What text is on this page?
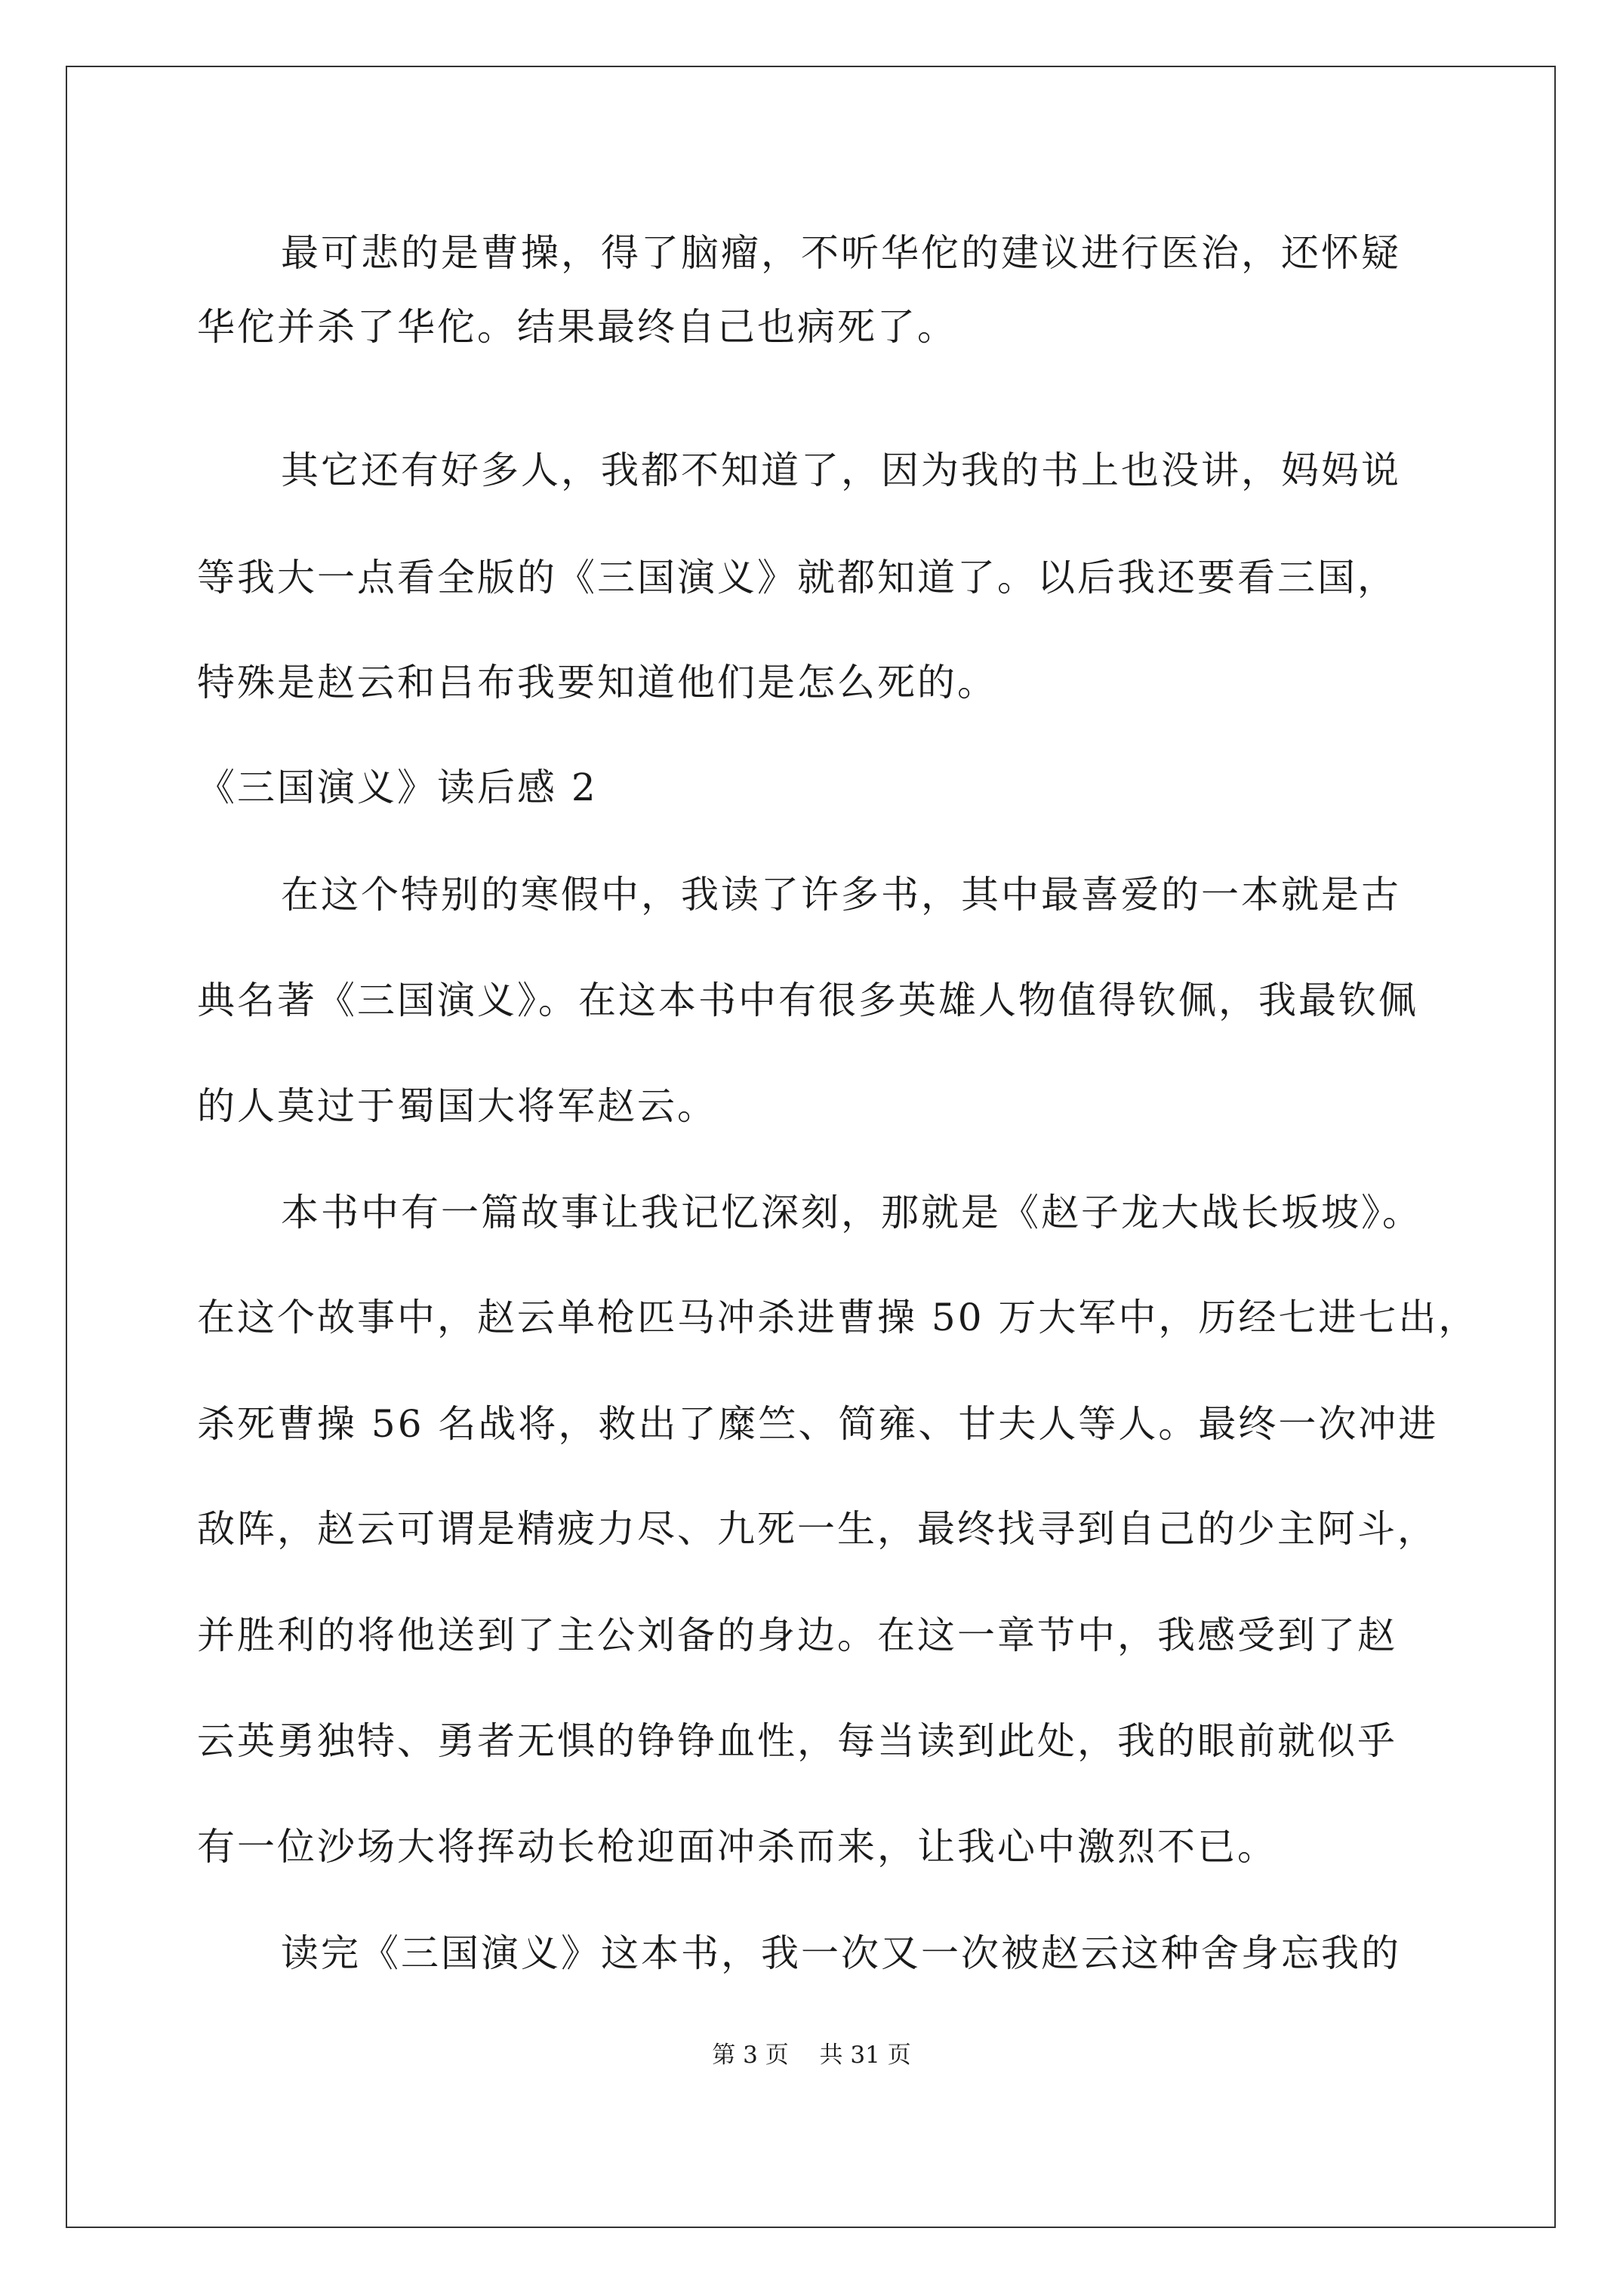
最可悲的是曹操，得了脑瘤，不听华佗的建议进行医治，还怀疑
华佗并杀了华佗。结果最终自己也病死了。
其它还有好多人，我都不知道了，因为我的书上也没讲，妈妈说
等我大一点看全版的《三国演义》就都知道了。以后我还要看三国，
特殊是赵云和吕布我要知道他们是怎么死的。
《三国演义》读后感 2
在这个特别的寒假中，我读了许多书，其中最喜爱的一本就是古
典名著《三国演义》。在这本书中有很多英雄人物值得钦佩，我最钦佩
的人莫过于蜀国大将军赵云。
本书中有一篇故事让我记忆深刻，那就是《赵子龙大战长坂坡》。
在这个故事中，赵云单枪匹马冲杀进曹操 50 万大军中，历经七进七出，
杀死曹操 56 名战将，救出了糜竺、简雍、甘夫人等人。最终一次冲进
敌阵，赵云可谓是精疲力尽、九死一生，最终找寻到自己的少主阿斗，
并胜利的将他送到了主公刘备的身边。在这一章节中，我感受到了赵
云英勇独特、勇者无惧的铮铮血性，每当读到此处，我的眼前就似乎
有一位沙场大将挥动长枪迎面冲杀而来，让我心中激烈不已。
读完《三国演义》这本书，我一次又一次被赵云这种舍身忘我的
第 3 页　 共 31 页
